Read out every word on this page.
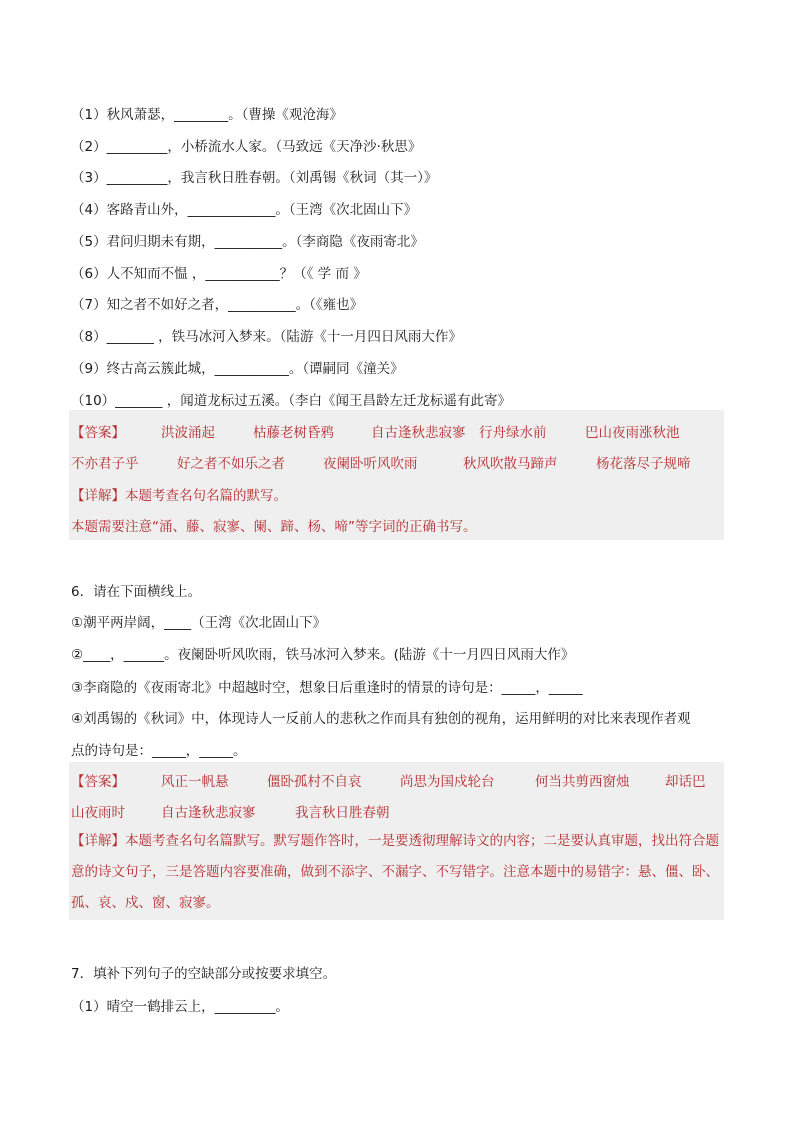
（1）秋风萧瑟，________。（曹操《观沧海》
（2）_________，小桥流水人家。（马致远《天净沙·秋思》
（3）_________，我言秋日胜春朝。（刘禹锡《秋词（其一）》
（4）客路青山外，_____________。（王湾《次北固山下》
（5）君问归期未有期，__________。（李商隐《夜雨寄北》
（6）人不知而不愠 ，___________？（《 学 而 》
（7）知之者不如好之者，__________。（《雍也》
（8）_______ ，铁马冰河入梦来。（陆游《十一月四日风雨大作》
（9）终古高云簇此城，___________。（谭嗣同《潼关》
（10）_______ ，闻道龙标过五溪。（李白《闻王昌龄左迁龙标遥有此寄》
【答案】	洪波涌起	枯藤老树昏鸦	自古逢秋悲寂寥 行舟绿水前	巴山夜雨涨秋池
不亦君子乎	好之者不如乐之者	夜阑卧听风吹雨	秋风吹散马蹄声	杨花落尽子规啼
【详解】本题考查名句名篇的默写。
本题需要注意“涌、藤、寂寥、阑、蹄、杨、啼”等字词的正确书写。
6．请在下面横线上。
①潮平两岸阔，____（王湾《次北固山下》
②____，______。夜阑卧听风吹雨，铁马冰河入梦来。(陆游《十一月四日风雨大作》
③李商隐的《夜雨寄北》中超越时空，想象日后重逢时的情景的诗句是：_____，_____
④刘禹锡的《秋词》中，体现诗人一反前人的悲秋之作而具有独创的视角，运用鲜明的对比来表现作者观
点的诗句是：_____，_____。
【答案】	风正一帆悬	僵卧孤村不自哀	尚思为国戍轮台	何当共剪西窗烛	却话巴
山夜雨时	自古逢秋悲寂寥	我言秋日胜春朝
【详解】本题考查名句名篇默写。默写题作答时，一是要透彻理解诗文的内容；二是要认真审题，找出符合题意的诗文句子，三是答题内容要准确，做到不添字、不漏字、不写错字。注意本题中的易错字：悬、僵、卧、孤、哀、戍、窗、寂寥。
7．填补下列句子的空缺部分或按要求填空。
（1）晴空一鹤排云上，_________。
